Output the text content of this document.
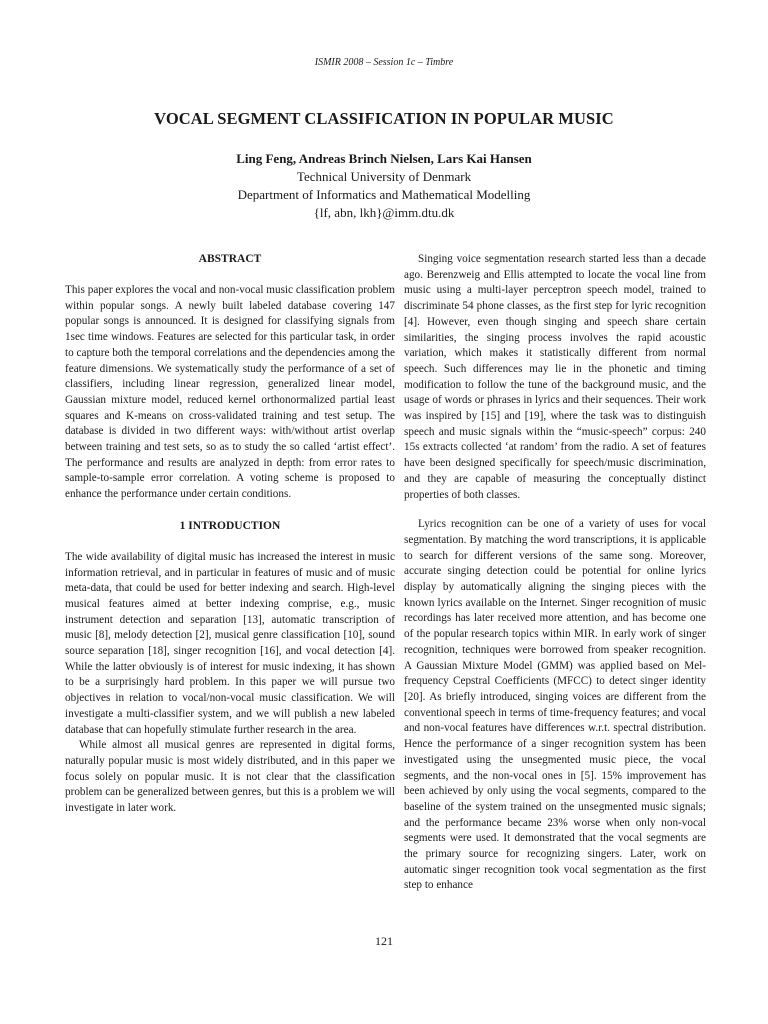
ISMIR 2008 – Session 1c – Timbre
VOCAL SEGMENT CLASSIFICATION IN POPULAR MUSIC
Ling Feng, Andreas Brinch Nielsen, Lars Kai Hansen
Technical University of Denmark
Department of Informatics and Mathematical Modelling
{lf, abn, lkh}@imm.dtu.dk
ABSTRACT

This paper explores the vocal and non-vocal music classification problem within popular songs. A newly built labeled database covering 147 popular songs is announced. It is designed for classifying signals from 1sec time windows. Features are selected for this particular task, in order to capture both the temporal correlations and the dependencies among the feature dimensions. We systematically study the performance of a set of classifiers, including linear regression, generalized linear model, Gaussian mixture model, reduced kernel orthonormalized partial least squares and K-means on cross-validated training and test setup. The database is divided in two different ways: with/without artist overlap between training and test sets, so as to study the so called ‘artist effect’. The performance and results are analyzed in depth: from error rates to sample-to-sample error correlation. A voting scheme is proposed to enhance the performance under certain conditions.

1 INTRODUCTION

The wide availability of digital music has increased the interest in music information retrieval, and in particular in features of music and of music meta-data, that could be used for better indexing and search. High-level musical features aimed at better indexing comprise, e.g., music instrument detection and separation [13], automatic transcription of music [8], melody detection [2], musical genre classification [10], sound source separation [18], singer recognition [16], and vocal detection [4]. While the latter obviously is of interest for music indexing, it has shown to be a surprisingly hard problem. In this paper we will pursue two objectives in relation to vocal/non-vocal music classification. We will investigate a multi-classifier system, and we will publish a new labeled database that can hopefully stimulate further research in the area.

While almost all musical genres are represented in digital forms, naturally popular music is most widely distributed, and in this paper we focus solely on popular music. It is not clear that the classification problem can be generalized between genres, but this is a problem we will investigate in later work.

Singing voice segmentation research started less than a decade ago. Berenzweig and Ellis attempted to locate the vocal line from music using a multi-layer perceptron speech model, trained to discriminate 54 phone classes, as the first step for lyric recognition [4]. However, even though singing and speech share certain similarities, the singing process involves the rapid acoustic variation, which makes it statistically different from normal speech. Such differences may lie in the phonetic and timing modification to follow the tune of the background music, and the usage of words or phrases in lyrics and their sequences. Their work was inspired by [15] and [19], where the task was to distinguish speech and music signals within the “music-speech” corpus: 240 15s extracts collected ‘at random’ from the radio. A set of features have been designed specifically for speech/music discrimination, and they are capable of measuring the conceptually distinct properties of both classes.

Lyrics recognition can be one of a variety of uses for vocal segmentation. By matching the word transcriptions, it is applicable to search for different versions of the same song. Moreover, accurate singing detection could be potential for online lyrics display by automatically aligning the singing pieces with the known lyrics available on the Internet. Singer recognition of music recordings has later received more attention, and has become one of the popular research topics within MIR. In early work of singer recognition, techniques were borrowed from speaker recognition. A Gaussian Mixture Model (GMM) was applied based on Mel-frequency Cepstral Coefficients (MFCC) to detect singer identity [20]. As briefly introduced, singing voices are different from the conventional speech in terms of time-frequency features; and vocal and non-vocal features have differences w.r.t. spectral distribution. Hence the performance of a singer recognition system has been investigated using the unsegmented music piece, the vocal segments, and the non-vocal ones in [5]. 15% improvement has been achieved by only using the vocal segments, compared to the baseline of the system trained on the unsegmented music signals; and the performance became 23% worse when only non-vocal segments were used. It demonstrated that the vocal segments are the primary source for recognizing singers. Later, work on automatic singer recognition took vocal segmentation as the first step to enhance

121
